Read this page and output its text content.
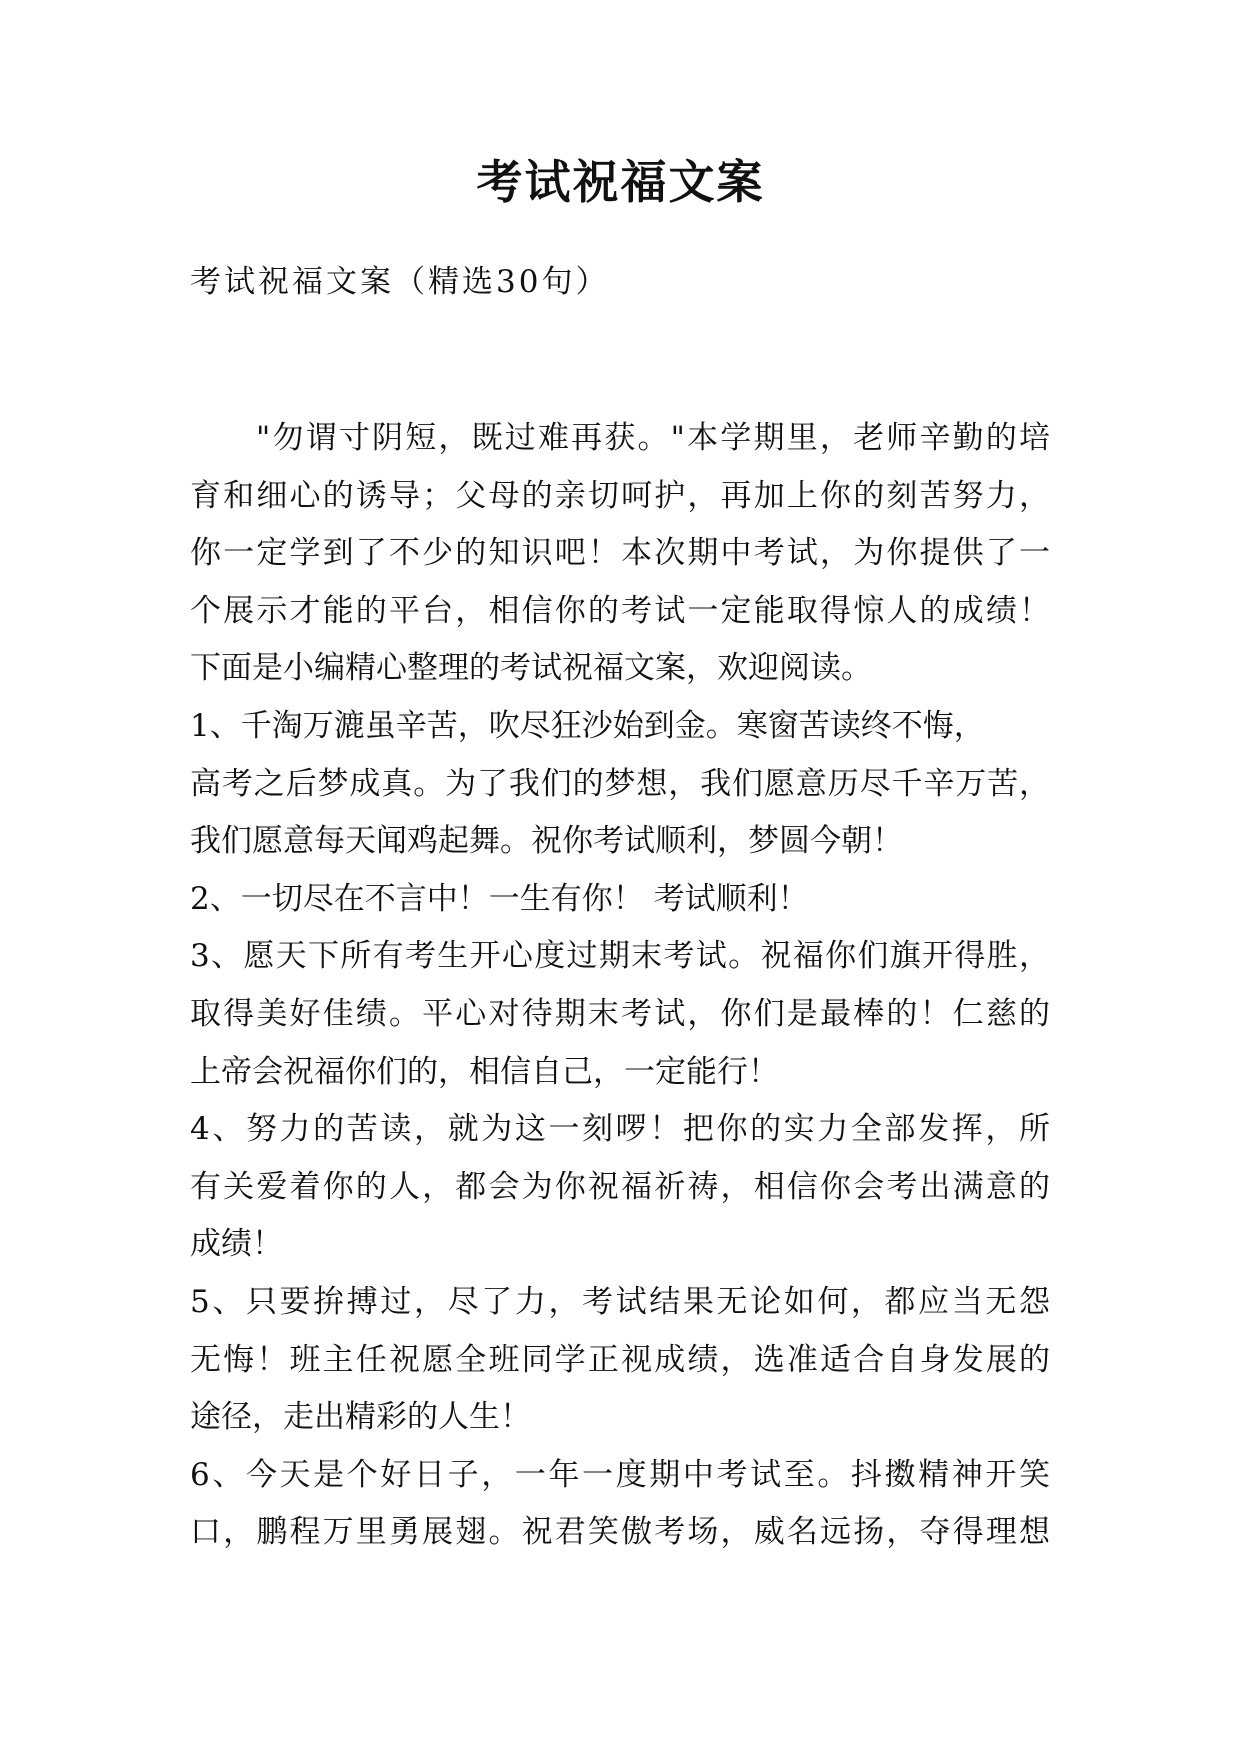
考试祝福文案
考试祝福文案（精选30句）
"勿谓寸阴短，既过难再获。"本学期里，老师辛勤的培
育和细心的诱导；父母的亲切呵护，再加上你的刻苦努力，
你一定学到了不少的知识吧！本次期中考试，为你提供了一
个展示才能的平台，相信你的考试一定能取得惊人的成绩！
下面是小编精心整理的考试祝福文案，欢迎阅读。
1、千淘万漉虽辛苦，吹尽狂沙始到金。寒窗苦读终不悔，
高考之后梦成真。为了我们的梦想，我们愿意历尽千辛万苦，
我们愿意每天闻鸡起舞。祝你考试顺利，梦圆今朝！
2、一切尽在不言中！一生有你！ 考试顺利！
3、愿天下所有考生开心度过期末考试。祝福你们旗开得胜，
取得美好佳绩。平心对待期末考试，你们是最棒的！仁慈的
上帝会祝福你们的，相信自己，一定能行！
4、努力的苦读，就为这一刻啰！把你的实力全部发挥，所
有关爱着你的人，都会为你祝福祈祷，相信你会考出满意的
成绩！
5、只要拚搏过，尽了力，考试结果无论如何，都应当无怨
无悔！班主任祝愿全班同学正视成绩，选准适合自身发展的
途径，走出精彩的人生！
6、今天是个好日子，一年一度期中考试至。抖擞精神开笑
口，鹏程万里勇展翅。祝君笑傲考场，威名远扬，夺得理想
